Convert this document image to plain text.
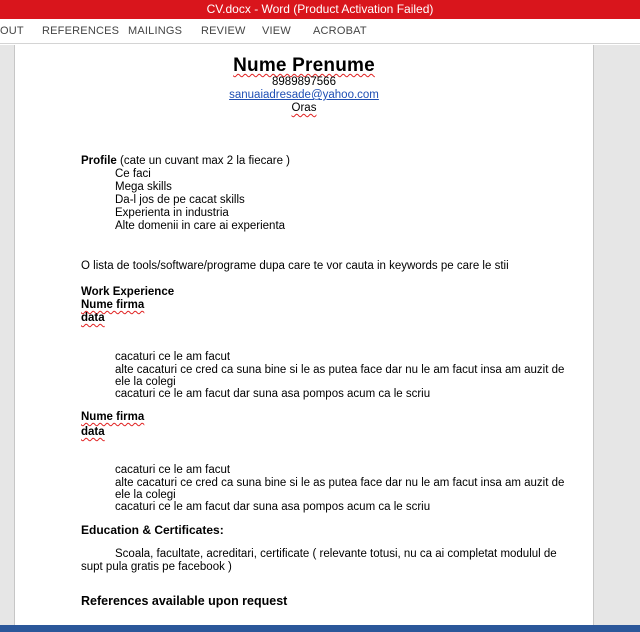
CV.docx - Word (Product Activation Failed)
OUT REFERENCES MAILINGS REVIEW VIEW ACROBAT
Nume Prenume
8989897566
sanuaiadresade@yahoo.com
Oras
Profile (cate un cuvant max 2 la fiecare )
Ce faci
Mega skills
Da-l jos de pe cacat skills
Experienta in industria
Alte domenii in care ai experienta
O lista de tools/software/programe dupa care te vor cauta in keywords pe care le stii
Work Experience
Nume firma
data
cacaturi ce le am facut
alte cacaturi ce cred ca suna bine si le as putea face dar nu le am facut insa am auzit de
ele la colegi
cacaturi ce le am facut dar suna asa pompos acum ca le scriu
Nume firma
data
cacaturi ce le am facut
alte cacaturi ce cred ca suna bine si le as putea face dar nu le am facut insa am auzit de
ele la colegi
cacaturi ce le am facut dar suna asa pompos acum ca le scriu
Education & Certificates:
Scoala, facultate, acreditari, certificate ( relevante totusi, nu ca ai completat modulul de
supt pula gratis pe facebook )
References available upon request
